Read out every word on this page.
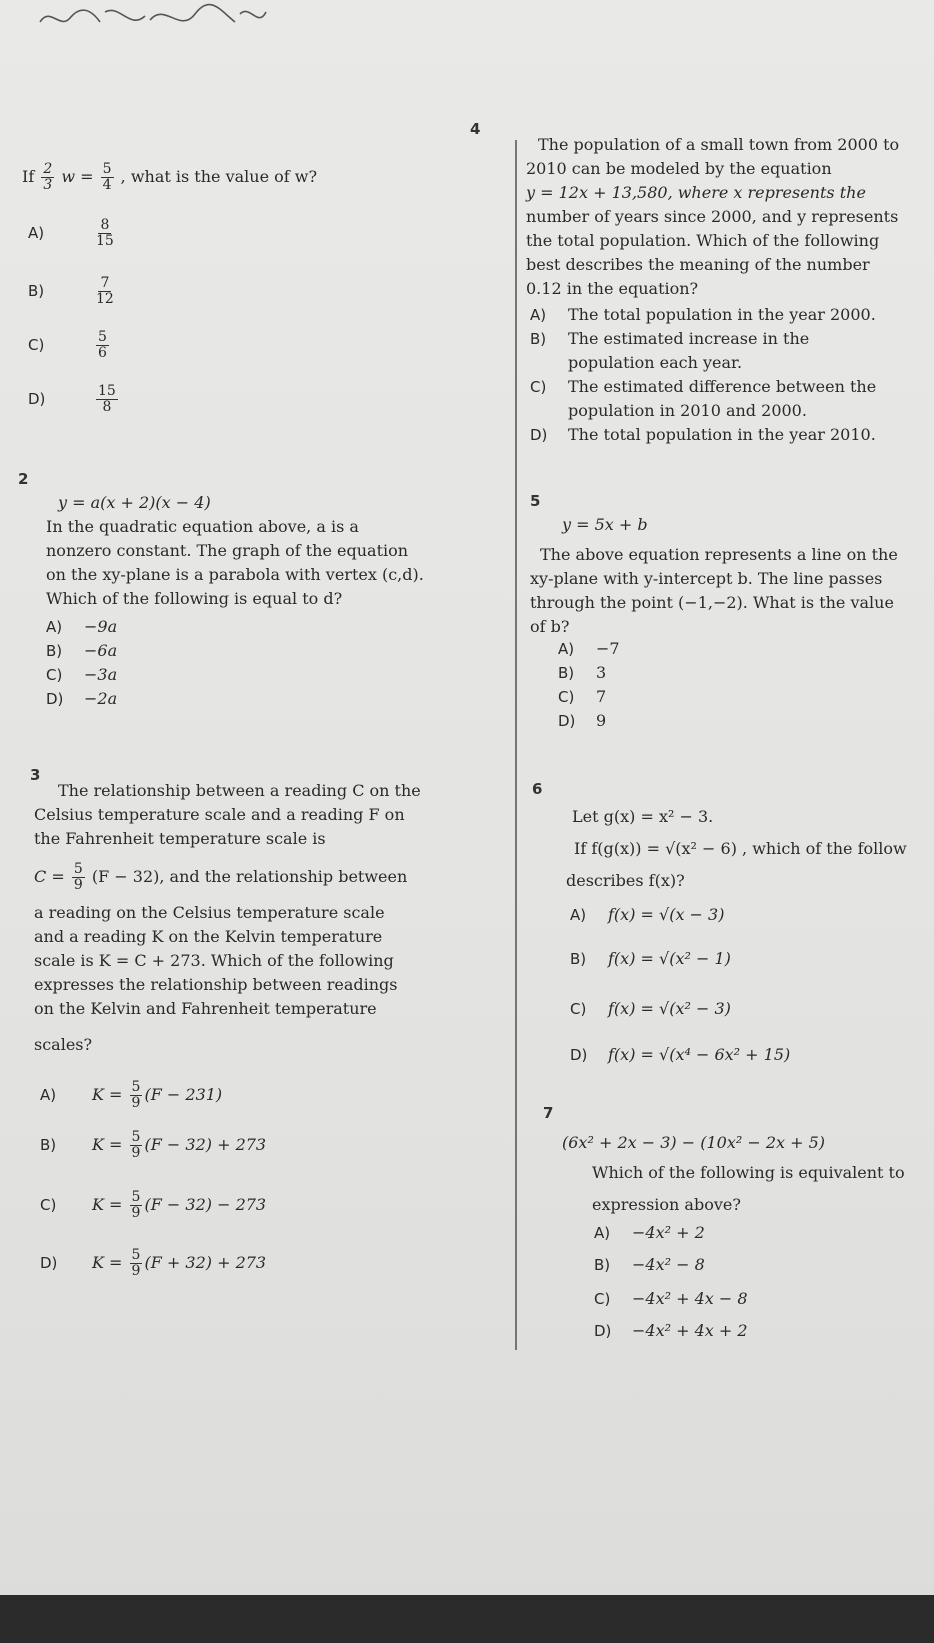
If $\frac{2}{3}$ $w = \frac{5}{4}$ , what is the value of w?
A)	$\frac{8}{15}$
B)	$\frac{7}{12}$
C)	$\frac{5}{6}$
D)	$\frac{15}{8}$
4
The population of a small town from 2000 to
2010 can be modeled by the equation
y = 12x + 13,580, where x represents the
number of years since 2000, and y represents
the total population. Which of the following
best describes the meaning of the number
0.12 in the equation?
A) The total population in the year 2000.
B) The estimated increase in the
population each year.
C) The estimated difference between the
population in 2010 and 2000.
D) The total population in the year 2010.
2
y = a(x + 2)(x − 4)
In the quadratic equation above, a is a
nonzero constant. The graph of the equation
on the xy-plane is a parabola with vertex (c,d).
Which of the following is equal to d?
A) −9a
B) −6a
C) −3a
D) −2a
5
y = 5x + b
The above equation represents a line on the
xy-plane with y-intercept b. The line passes
through the point (−1,−2). What is the value
of b?
A) −7
B) 3
C) 7
D) 9
3
The relationship between a reading C on the
Celsius temperature scale and a reading F on
the Fahrenheit temperature scale is
$C = \frac{5}{9} (F - 32)$, and the relationship between
a reading on the Celsius temperature scale
and a reading K on the Kelvin temperature
scale is K = C + 273. Which of the following
expresses the relationship between readings
on the Kelvin and Fahrenheit temperature
scales?
A) $K = \frac{5}{9} (F - 231)$
B) $K = \frac{5}{9} (F - 32) + 273$
C) $K = \frac{5}{9} (F - 32) - 273$
D) $K = \frac{5}{9} (F + 32) + 273$
6
Let g(x) = x² − 3.
If f(g(x)) = √(x² − 6) , which of the follow
describes f(x)?
A) f(x) = √(x − 3)
B) f(x) = √(x² − 1)
C) f(x) = √(x² − 3)
D) f(x) = √(x⁴ − 6x² + 15)
7
(6x² + 2x − 3) − (10x² − 2x + 5)
Which of the following is equivalent to
expression above?
A) −4x² + 2
B) −4x² − 8
C) −4x² + 4x − 8
D) −4x² + 4x + 2
